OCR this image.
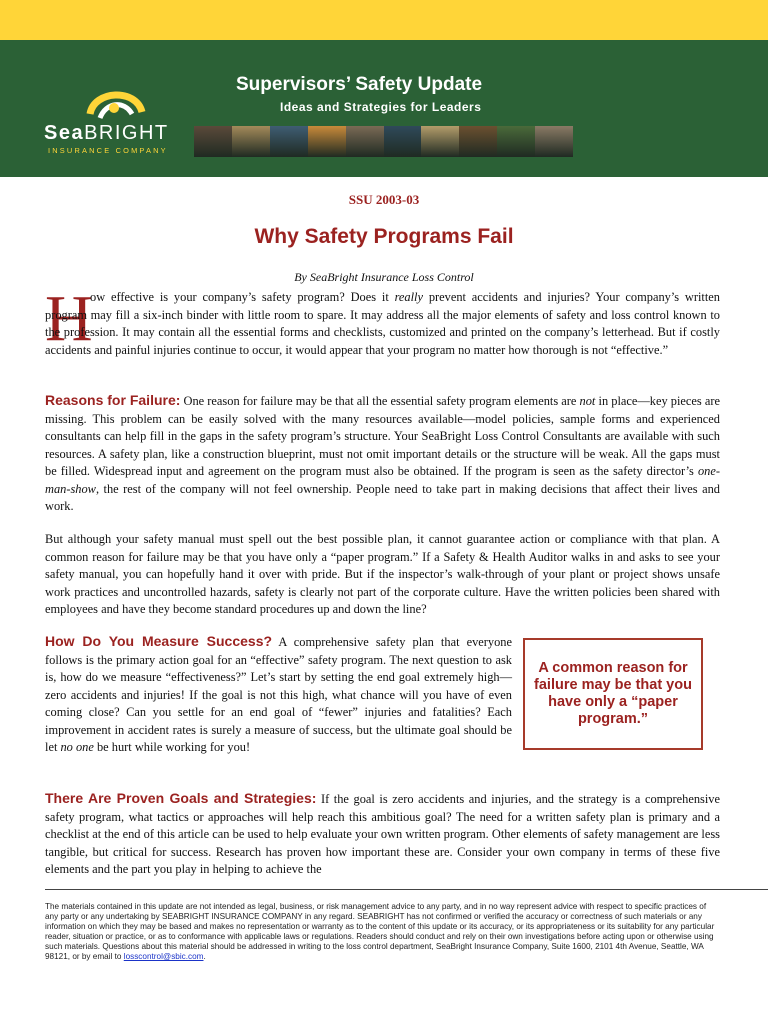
SeaBRIGHT
INSURANCE COMPANY
Supervisors’ Safety Update
Ideas and Strategies for Leaders
SSU 2003-03
Why Safety Programs Fail
By SeaBright Insurance Loss Control
H
ow effective is your company’s safety program? Does it really prevent accidents and injuries? Your company’s written program may fill a six-inch binder with little room to spare. It may address all the major elements of safety and loss control known to the profession. It may contain all the essential forms and checklists, customized and printed on the company’s letterhead. But if costly accidents and painful injuries continue to occur, it would appear that your program no matter how thorough is not “effective.”
Reasons for Failure: One reason for failure may be that all the essential safety program elements are not in place—key pieces are missing. This problem can be easily solved with the many resources available—model policies, sample forms and experienced consultants can help fill in the gaps in the safety program’s structure. Your SeaBright Loss Control Consultants are available with such resources. A safety plan, like a construction blueprint, must not omit important details or the structure will be weak. All the gaps must be filled. Widespread input and agreement on the program must also be obtained. If the program is seen as the safety director’s one-man-show, the rest of the company will not feel ownership. People need to take part in making decisions that affect their lives and work.
But although your safety manual must spell out the best possible plan, it cannot guarantee action or compliance with that plan. A common reason for failure may be that you have only a “paper program.” If a Safety & Health Auditor walks in and asks to see your safety manual, you can hopefully hand it over with pride. But if the inspector’s walk-through of your plant or project shows unsafe work practices and uncontrolled hazards, safety is clearly not part of the corporate culture. Have the written policies been shared with employees and have they become standard procedures up and down the line?
How Do You Measure Success? A comprehensive safety plan that everyone follows is the primary action goal for an “effective” safety program. The next question to ask is, how do we measure “effectiveness?” Let’s start by setting the end goal extremely high—zero accidents and injuries! If the goal is not this high, what chance will you have of even coming close? Can you settle for an end goal of “fewer” injuries and fatalities? Each improvement in accident rates is surely a measure of success, but the ultimate goal should be let no one be hurt while working for you!
A common reason for failure may be that you have only a “paper program.”
There Are Proven Goals and Strategies: If the goal is zero accidents and injuries, and the strategy is a comprehensive safety program, what tactics or approaches will help reach this ambitious goal? The need for a written safety plan is primary and a checklist at the end of this article can be used to help evaluate your own written program. Other elements of safety management are less tangible, but critical for success. Research has proven how important these are. Consider your own company in terms of these five elements and the part you play in helping to achieve the
The materials contained in this update are not intended as legal, business, or risk management advice to any party, and in no way represent advice with respect to specific practices of any party or any undertaking by SEABRIGHT INSURANCE COMPANY in any regard. SEABRIGHT has not confirmed or verified the accuracy or correctness of such materials or any information on which they may be based and makes no representation or warranty as to the content of this update or its accuracy, or its appropriateness or its suitability for any particular reader, situation or practice, or as to conformance with applicable laws or regulations. Readers should conduct and rely on their own investigations before acting upon or otherwise using such materials. Questions about this material should be addressed in writing to the loss control department, SeaBright Insurance Company, Suite 1600, 2101 4th Avenue, Seattle, WA 98121, or by email to losscontrol@sbic.com.
